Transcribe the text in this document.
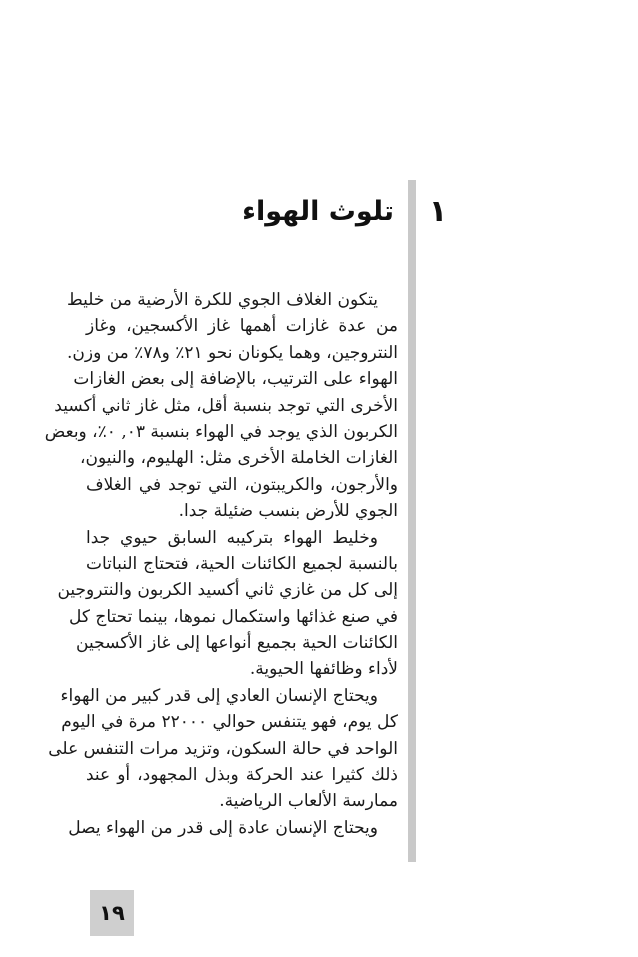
١
تلوث الهواء
يتكون الغلاف الجوي للكرة الأرضية من خليط
من عدة غازات أهمها غاز الأكسجين، وغاز
النتروجين، وهما يكونان نحو ٢١٪ و٧٨٪ من وزن.
الهواء على الترتيب، بالإضافة إلى بعض الغازات
الأخرى التي توجد بنسبة أقل، مثل غاز ثاني أكسيد
الكربون الذي يوجد في الهواء بنسبة ٠٣, ٠٪، وبعض
الغازات الخاملة الأخرى مثل: الهليوم، والنيون،
والأرجون، والكريبتون، التي توجد في الغلاف
الجوي للأرض بنسب ضئيلة جدا.
وخليط الهواء بتركيبه السابق حيوي جدا
بالنسبة لجميع الكائنات الحية، فتحتاج النباتات
إلى كل من غازي ثاني أكسيد الكربون والنتروجين
في صنع غذائها واستكمال نموها، بينما تحتاج كل
الكائنات الحية بجميع أنواعها إلى غاز الأكسجين
لأداء وظائفها الحيوية.
ويحتاج الإنسان العادي إلى قدر كبير من الهواء
كل يوم، فهو يتنفس حوالي ٢٢٠٠٠ مرة في اليوم
الواحد في حالة السكون، وتزيد مرات التنفس على
ذلك كثيرا عند الحركة وبذل المجهود، أو عند
ممارسة الألعاب الرياضية.
ويحتاج الإنسان عادة إلى قدر من الهواء يصل
١٩
